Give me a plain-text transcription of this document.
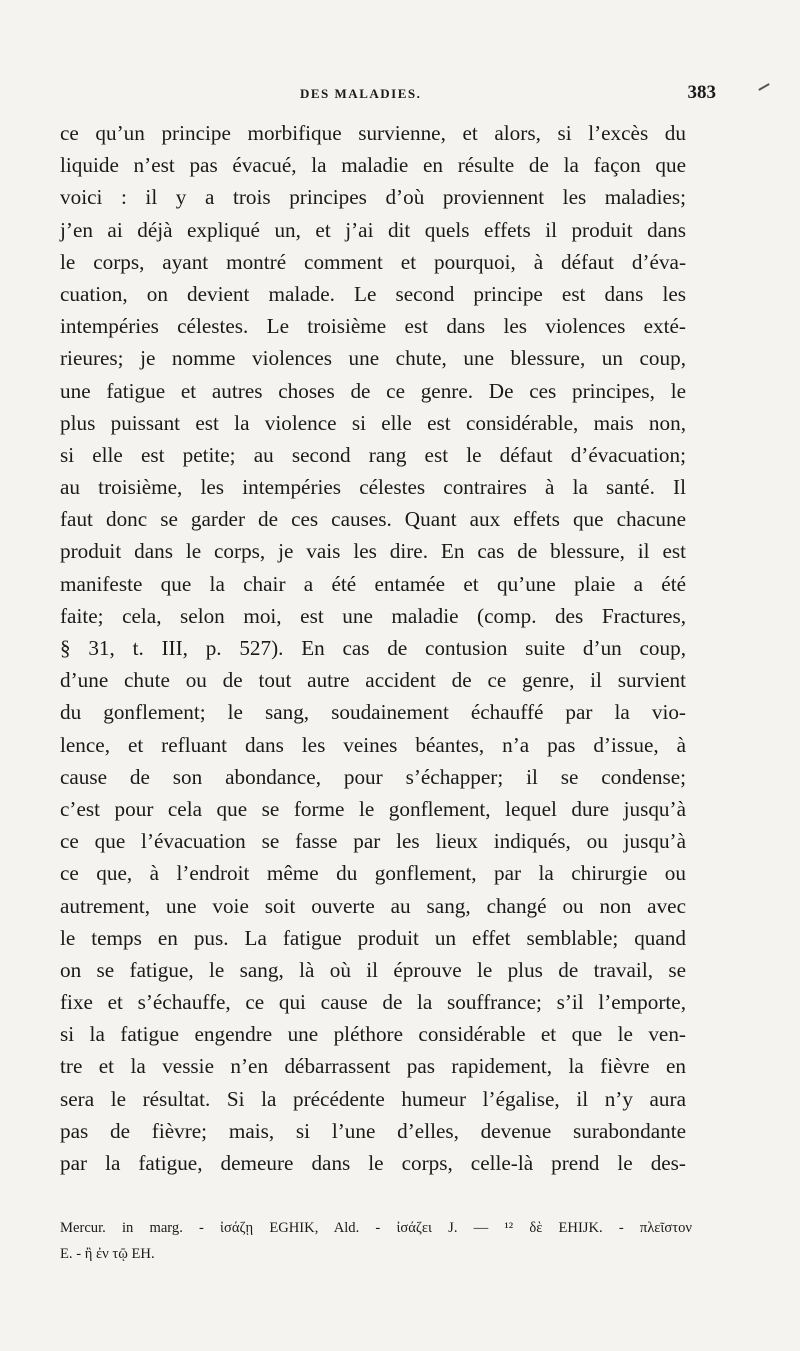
DES MALADIES.	383
ce qu’un principe morbifique survienne, et alors, si l’excès du
liquide n’est pas évacué, la maladie en résulte de la façon que
voici : il y a trois principes d’où proviennent les maladies;
j’en ai déjà expliqué un, et j’ai dit quels effets il produit dans
le corps, ayant montré comment et pourquoi, à défaut d’éva-
cuation, on devient malade. Le second principe est dans les
intempéries célestes. Le troisième est dans les violences exté-
rieures; je nomme violences une chute, une blessure, un coup,
une fatigue et autres choses de ce genre. De ces principes, le
plus puissant est la violence si elle est considérable, mais non,
si elle est petite; au second rang est le défaut d’évacuation;
au troisième, les intempéries célestes contraires à la santé. Il
faut donc se garder de ces causes. Quant aux effets que chacune
produit dans le corps, je vais les dire. En cas de blessure, il est
manifeste que la chair a été entamée et qu’une plaie a été
faite; cela, selon moi, est une maladie (comp. des Fractures,
§ 31, t. III, p. 527). En cas de contusion suite d’un coup,
d’une chute ou de tout autre accident de ce genre, il survient
du gonflement; le sang, soudainement échauffé par la vio-
lence, et refluant dans les veines béantes, n’a pas d’issue, à
cause de son abondance, pour s’échapper; il se condense;
c’est pour cela que se forme le gonflement, lequel dure jusqu’à
ce que l’évacuation se fasse par les lieux indiqués, ou jusqu’à
ce que, à l’endroit même du gonflement, par la chirurgie ou
autrement, une voie soit ouverte au sang, changé ou non avec
le temps en pus. La fatigue produit un effet semblable; quand
on se fatigue, le sang, là où il éprouve le plus de travail, se
fixe et s’échauffe, ce qui cause de la souffrance; s’il l’emporte,
si la fatigue engendre une pléthore considérable et que le ven-
tre et la vessie n’en débarrassent pas rapidement, la fièvre en
sera le résultat. Si la précédente humeur l’égalise, il n’y aura
pas de fièvre; mais, si l’une d’elles, devenue surabondante
par la fatigue, demeure dans le corps, celle-là prend le des-
Mercur. in marg. - ἰσάζῃ EGHIK, Ald. - ἰσάζει J. — ¹² δὲ EHIJK. - πλεῖστον
E. - ἢ ἐν τῷ EH.
